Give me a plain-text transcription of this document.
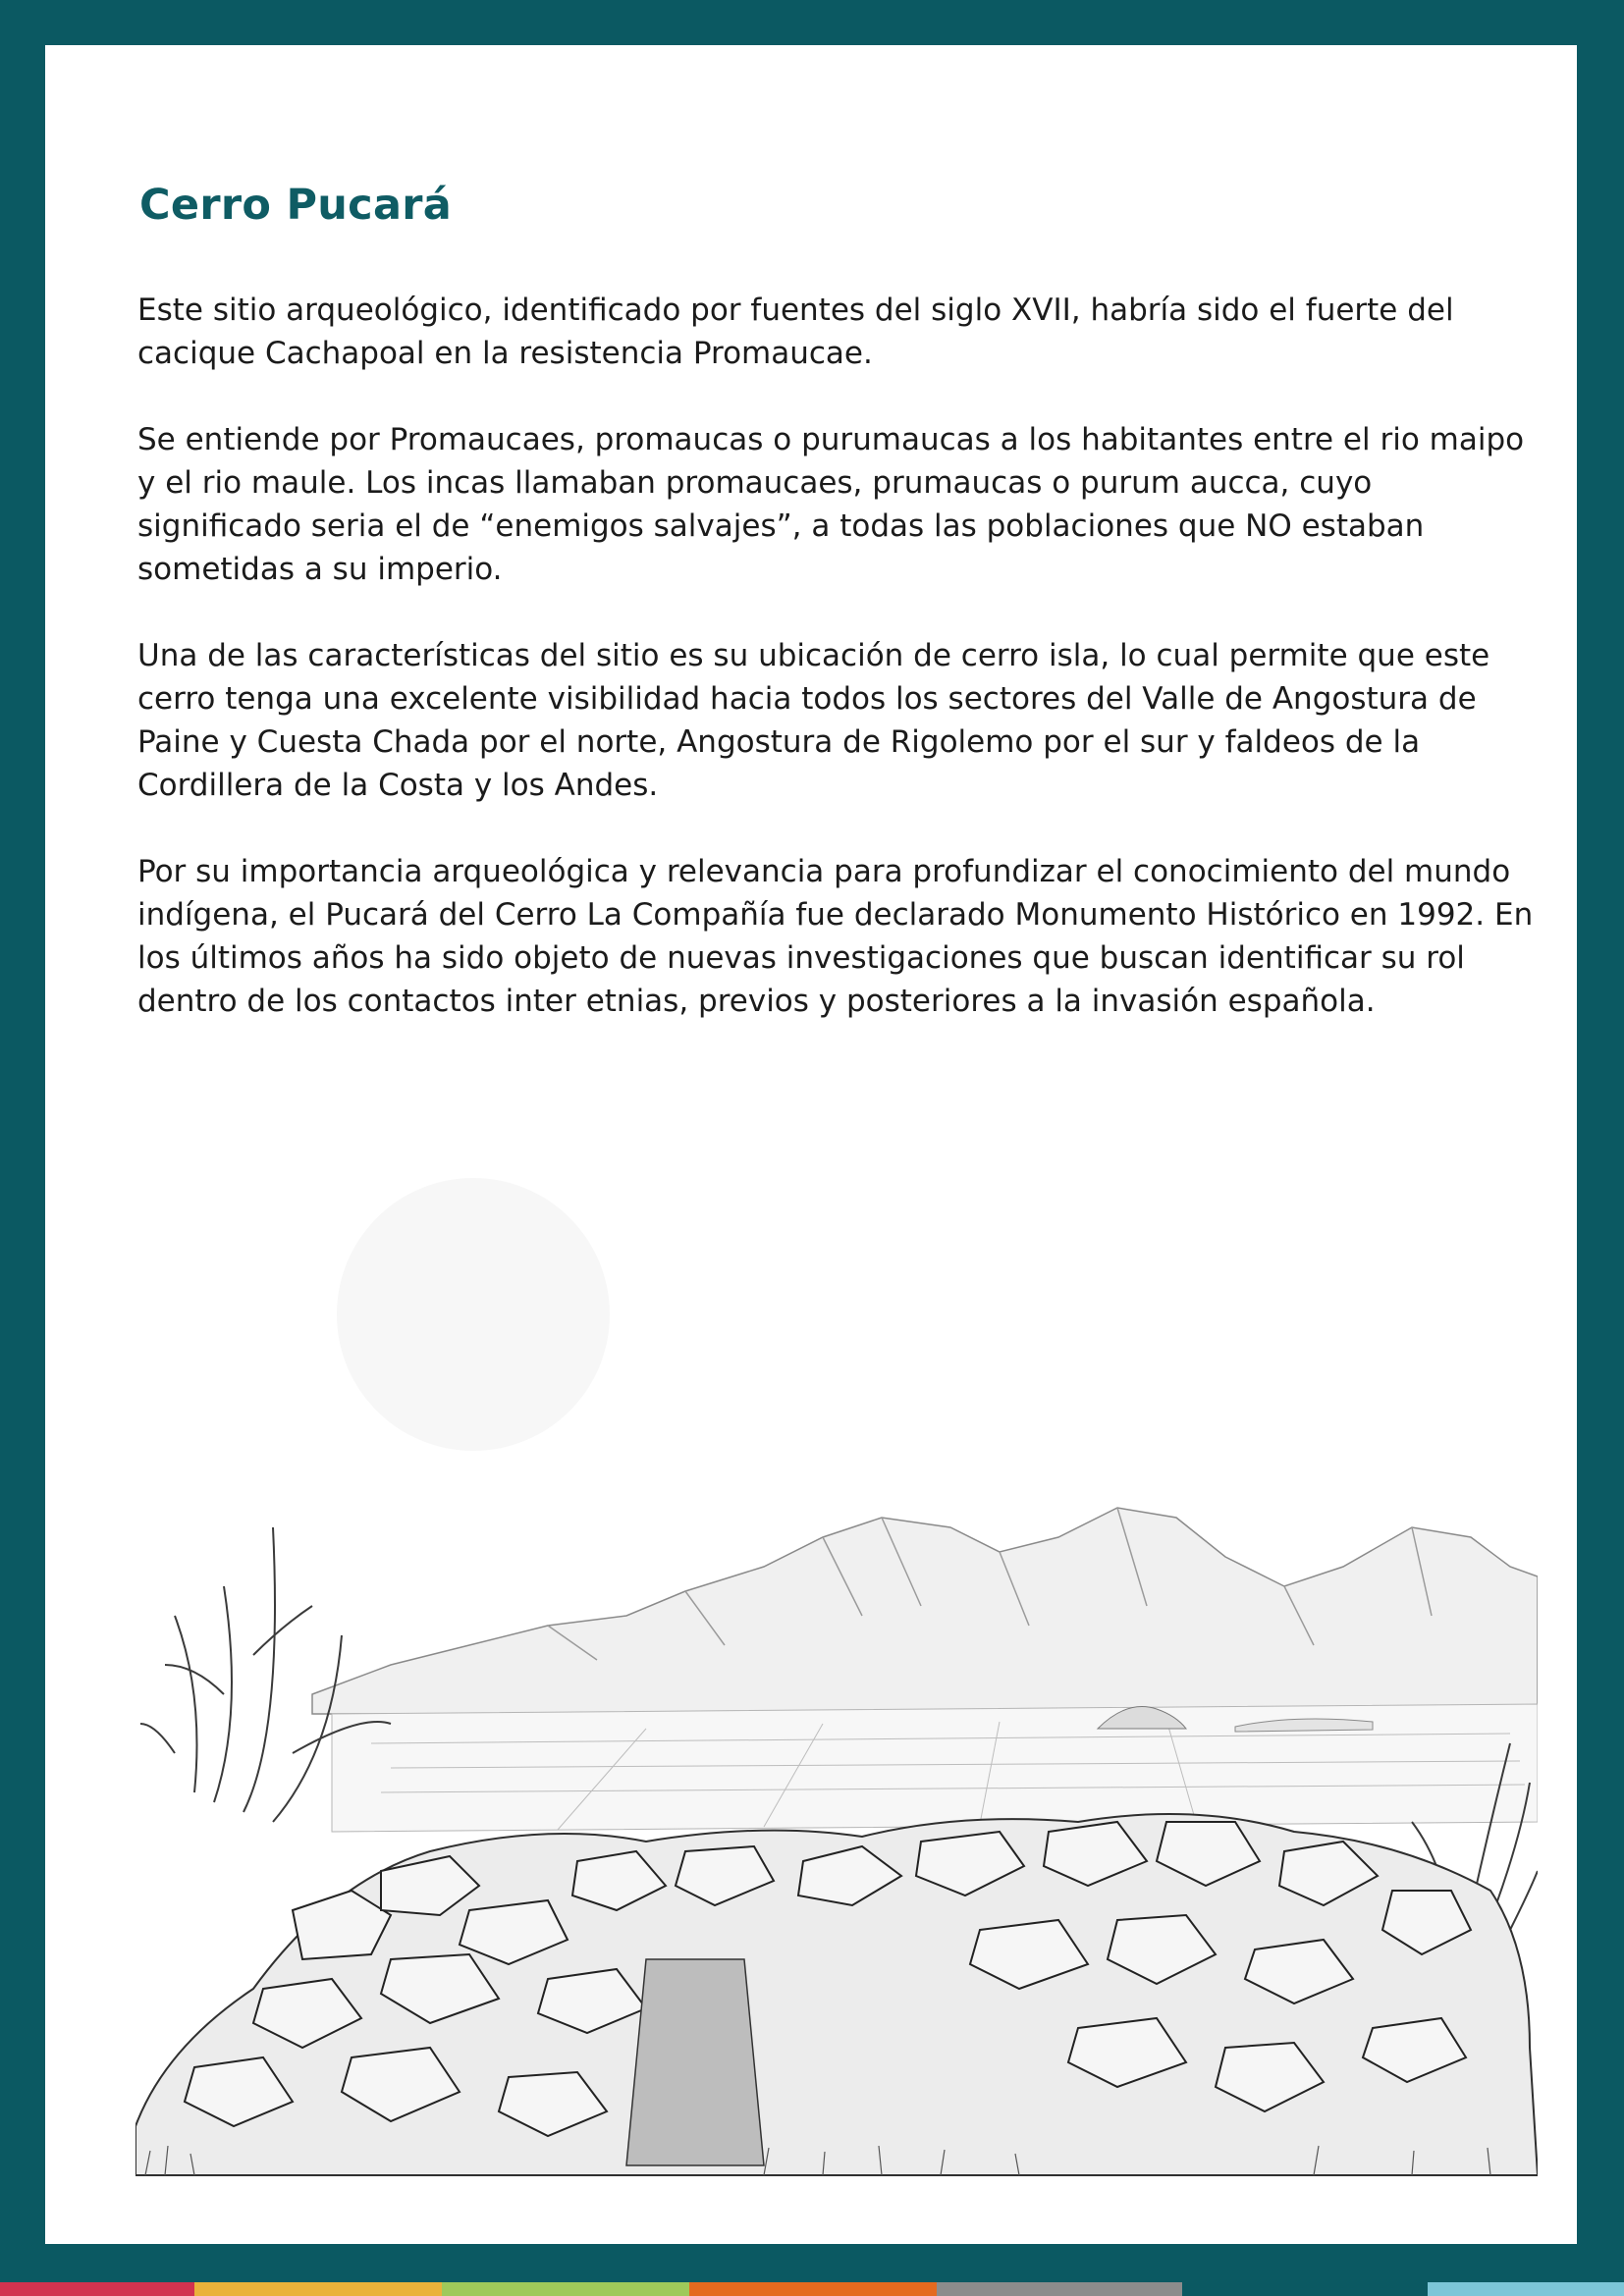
Cerro Pucará

Este sitio arqueológico, identificado por fuentes del siglo XVII, habría sido el fuerte del cacique Cachapoal en la resistencia Promaucae.

Se entiende por Promaucaes, promaucas o purumaucas a los habitantes entre el rio maipo y el rio maule. Los incas llamaban promaucaes, prumaucas o purum aucca, cuyo significado seria el de “enemigos salvajes”, a todas las poblaciones que NO estaban sometidas a su imperio.

Una de las características del sitio es su ubicación de cerro isla, lo cual permite que este cerro tenga una excelente visibilidad hacia todos los sectores del Valle de Angostura de Paine y Cuesta Chada por el norte, Angostura de Rigolemo por el sur y faldeos de la Cordillera de la Costa y los Andes.

Por su importancia arqueológica y relevancia para profundizar el conocimiento del mundo indígena, el Pucará del Cerro La Compañía fue declarado Monumento Histórico en 1992. En los últimos años ha sido objeto de nuevas investigaciones que buscan identificar su rol dentro de los contactos inter etnias, previos y posteriores a la invasión española.
